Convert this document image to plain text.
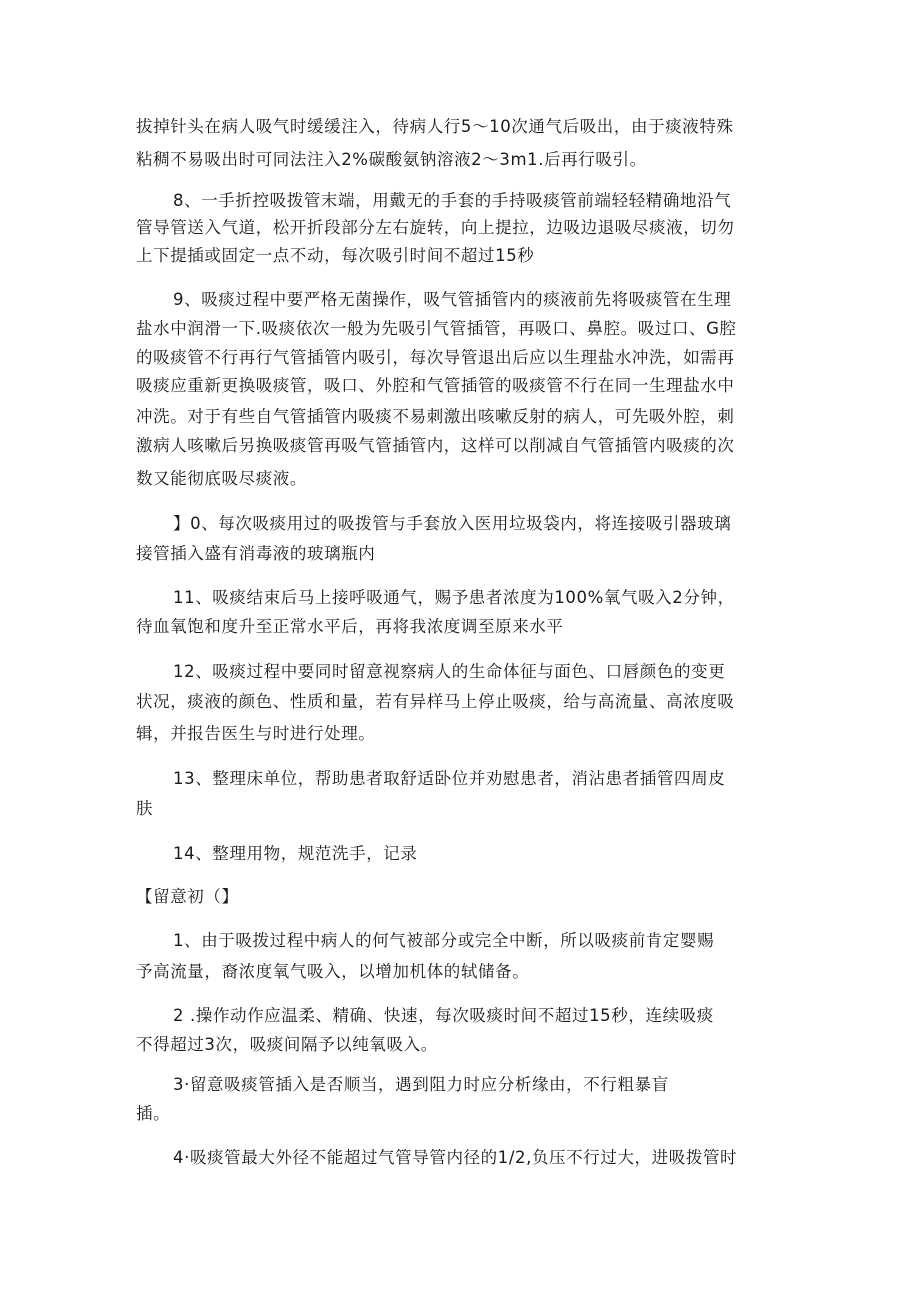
拔掉针头在病人吸气时缓缓注入，待病人行5～10次通气后吸出，由于痰液特殊
粘稠不易吸出时可同法注入2%碳酸氨钠溶液2～3m1.后再行吸引。
8、一手折控吸拨管末端，用戴无的手套的手持吸痰管前端轻轻精确地沿气
管导管送入气道，松开折段部分左右旋转，向上提拉，边吸边退吸尽痰液，切勿
上下提插或固定一点不动，每次吸引时间不超过15秒
9、吸痰过程中要严格无菌操作，吸气管插管内的痰液前先将吸痰管在生理
盐水中润滑一下.吸痰依次一般为先吸引气管插管，再吸口、鼻腔。吸过口、G腔
的吸痰管不行再行气管插管内吸引，每次导管退出后应以生理盐水冲洗，如需再
吸痰应重新更换吸痰管，吸口、外腔和气管插管的吸痰管不行在同一生理盐水中
冲洗。对于有些自气管插管内吸痰不易刺激出咳嗽反射的病人，可先吸外腔，刺
激病人咳嗽后另换吸痰管再吸气管插管内，这样可以削减自气管插管内吸痰的次
数又能彻底吸尽痰液。
】0、每次吸痰用过的吸拨管与手套放入医用垃圾袋内，将连接吸引器玻璃
接管插入盛有消毒液的玻璃瓶内
11、吸痰结束后马上接呼吸通气，赐予患者浓度为100%氧气吸入2分钟，
待血氧饱和度升至正常水平后，再将我浓度调至原来水平
12、吸痰过程中要同时留意视察病人的生命体征与面色、口唇颜色的变更
状况，痰液的颜色、性质和量，若有异样马上停止吸痰，给与高流量、高浓度吸
辑，并报告医生与时进行处理。
13、整理床单位，帮助患者取舒适卧位并劝慰患者，消沾患者插管四周皮
肤
14、整理用物，规范洗手，记录
【留意初（】
1、由于吸拨过程中病人的何气被部分或完全中断，所以吸痰前肯定婴赐
予高流量，裔浓度氧气吸入，以增加机体的轼储备。
2 .操作动作应温柔、精确、快速，每次吸痰时间不超过15秒，连续吸痰
不得超过3次，吸痰间隔予以纯氧吸入。
3·留意吸痰管插入是否顺当，遇到阻力时应分析缘由，不行粗暴盲
插。
4·吸痰管最大外径不能超过气管导管内径的1/2,负压不行过大，进吸拨管时
